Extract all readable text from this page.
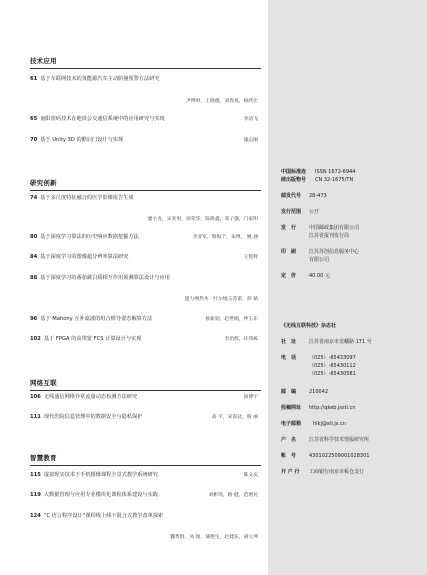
技术应用
61 基于车联网技术的氢能源汽车主动防撞预警方法研究
尹博时，王晓薇，刘春真，杨欣宏
65 南阳密码技术在地铁公交通信系统中的应用研究与实现	李清飞
70 基于 Unity 3D 的酷启门设计与实现	施志刚
研究创新
74 基于多尺度特征融合的医学影像报告生成
廖小龙，宋亚男，徐荣华，陈桥鑫，邓子强，门家明
80 基于深度学习算法的历史响应数据挖掘方法	李亚军，殷海宁，朱博， 姚 涵
84 基于深度学习的图像超分辨率算法研究	王艳辉
88 基于深度学习的番茄蕨白质相互作用预测算法设计与应用
逄力网热木 · 吐尔地玉苏甫，彭 斌
96 基于 Mahony 互补滤波的组合惯导姿态解算方法	侯新韧，赵世刚，仲玉东
102 基于 FPGA 的高带宽 FCS 计算设计与实现	李治辉，许邦栋
网络互联
106 无线通信网络异常流量动态检测方法研究	回博宇
111 现代医院信息管理中的数据安全与隐私保护	高 宇，宋雷达，殷 丽
智慧教育
115 虚拟现实技术下手机摄像课程全景式教学系统研究	陈文庆
119 大数据管理与应用专业模块化课程体系建设与实践	刘彬瑶，路 健，范增民
124 “C 语言程序设计”课程线上线下混合式教学改革探索
魏秀群，凤 逸，蒲艳生，赵建东，胡立坤
中国标准连 ISSN 1672-6944
续出版物号 CN 32-1675/TN
邮发代号 28-473
发行范围 公开
发　行	中国邮政集团有限公司
江苏省报刊发行局
印　刷	江苏苏创信息服务中心
有限公司
定　价	40.00 元
《无线互联科技》杂志社
社　址	江苏省南京市龙蟠路 171 号
电　话	（025）-85433097
（025）-85430112
（025）-85430581
邮　编	210042
投稿网址 http://qkeb.jssti.cn
电子邮箱 hlkj@sti.js.cn
户　名	江苏省科学技术情报研究所
帐　号	4301022509001028301
开 户 行 工商银行南京市板仓支行
